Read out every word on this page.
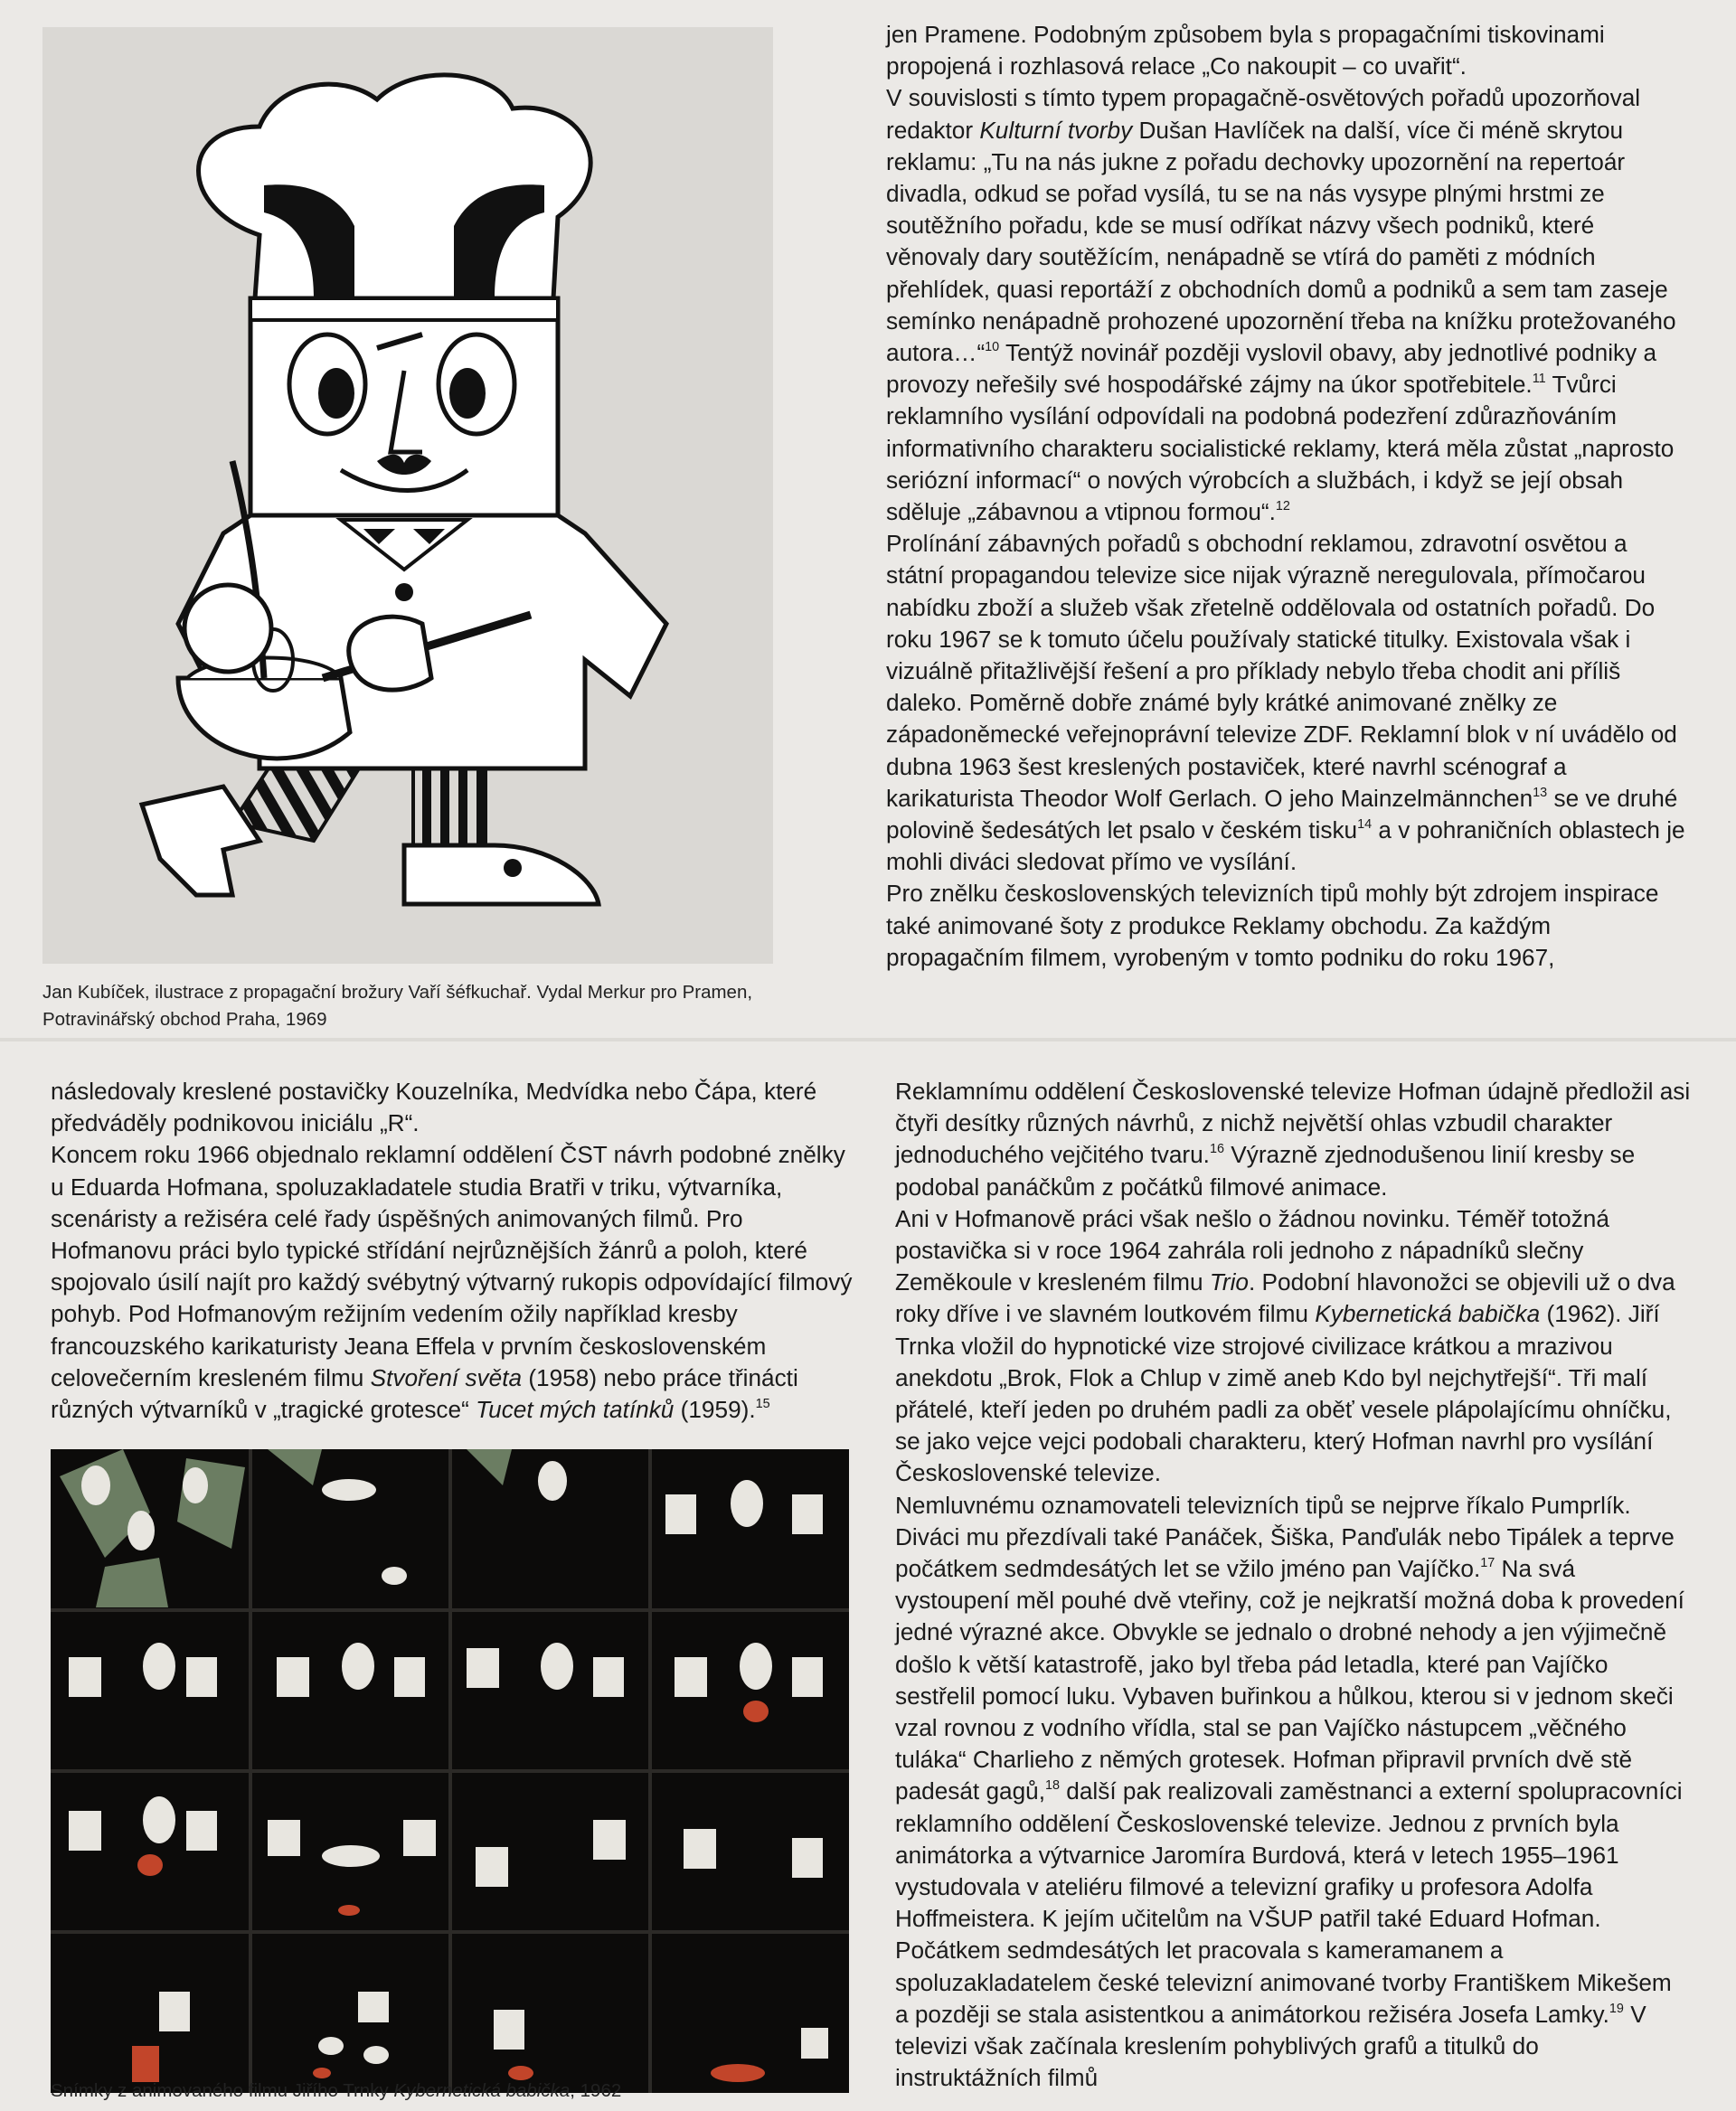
Jan Kubíček, ilustrace z propagační brožury Vaří šéfkuchař. Vydal Merkur pro Pramen, Potravinářský obchod Praha, 1969

jen Pramene. Podobným způsobem byla s propagačními tiskovinami propojená i rozhlasová relace „Co nakoupit – co uvařit“.

V souvislosti s tímto typem propagačně-osvětových pořadů upozorňoval redaktor Kulturní tvorby Dušan Havlíček na další, více či méně skrytou reklamu: „Tu na nás jukne z pořadu dechovky upozornění na repertoár divadla, odkud se pořad vysílá, tu se na nás vysype plnými hrstmi ze soutěžního pořadu, kde se musí odříkat názvy všech podniků, které věnovaly dary soutěžícím, nenápadně se vtírá do paměti z módních přehlídek, quasi reportáží z obchodních domů a podniků a sem tam zaseje semínko nenápadně prohozené upozornění třeba na knížku protežovaného autora…“$^{10}$ Tentýž novinář později vyslovil obavy, aby jednotlivé podniky a provozy neřešily své hospodářské zájmy na úkor spotřebitele.$^{11}$ Tvůrci reklamního vysílání odpovídali na podobná podezření zdůrazňováním informativního charakteru socialistické reklamy, která měla zůstat „naprosto seriózní informací“ o nových výrobcích a službách, i když se její obsah sděluje „zábavnou a vtipnou formou“.$^{12}$

Prolínání zábavných pořadů s obchodní reklamou, zdravotní osvětou a státní propagandou televize sice nijak výrazně neregulovala, přímočarou nabídku zboží a služeb však zřetelně oddělovala od ostatních pořadů. Do roku 1967 se k tomuto účelu používaly statické titulky. Existovala však i vizuálně přitažlivější řešení a pro příklady nebylo třeba chodit ani příliš daleko. Poměrně dobře známé byly krátké animované znělky ze západoněmecké veřejnoprávní televize ZDF. Reklamní blok v ní uvádělo od dubna 1963 šest kreslených postaviček, které navrhl scénograf a karikaturista Theodor Wolf Gerlach. O jeho Mainzelmännchen$^{13}$ se ve druhé polovině šedesátých let psalo v českém tisku$^{14}$ a v pohraničních oblastech je mohli diváci sledovat přímo ve vysílání.

Pro znělku československých televizních tipů mohly být zdrojem inspirace také animované šoty z produkce Reklamy obchodu. Za každým propagačním filmem, vyrobeným v tomto podniku do roku 1967,

následovaly kreslené postavičky Kouzelníka, Medvídka nebo Čápa, které předváděly podnikovou iniciálu „R“.

Koncem roku 1966 objednalo reklamní oddělení ČST návrh podobné znělky u Eduarda Hofmana, spoluzakladatele studia Bratři v triku, výtvarníka, scenáristy a režiséra celé řady úspěšných animovaných filmů. Pro Hofmanovu práci bylo typické střídání nejrůznějších žánrů a poloh, které spojovalo úsilí najít pro každý svébytný výtvarný rukopis odpovídající filmový pohyb. Pod Hofmanovým režijním vedením ožily například kresby francouzského karikaturisty Jeana Effela v prvním československém celovečerním kresleném filmu Stvoření světa (1958) nebo práce třinácti různých výtvarníků v „tragické grotesce“ Tucet mých tatínků (1959).$^{15}$

Snímky z animovaného filmu Jiřího Trnky Kybernetická babička, 1962

Reklamnímu oddělení Československé televize Hofman údajně předložil asi čtyři desítky různých návrhů, z nichž největší ohlas vzbudil charakter jednoduchého vejčitého tvaru.$^{16}$ Výrazně zjednodušenou linií kresby se podobal panáčkům z počátků filmové animace.

Ani v Hofmanově práci však nešlo o žádnou novinku. Téměř totožná postavička si v roce 1964 zahrála roli jednoho z nápadníků slečny Zeměkoule v kresleném filmu Trio. Podobní hlavonožci se objevili už o dva roky dříve i ve slavném loutkovém filmu Kybernetická babička (1962). Jiří Trnka vložil do hypnotické vize strojové civilizace krátkou a mrazivou anekdotu „Brok, Flok a Chlup v zimě aneb Kdo byl nejchytřejší“. Tři malí přátelé, kteří jeden po druhém padli za oběť vesele plápolajícímu ohníčku, se jako vejce vejci podobali charakteru, který Hofman navrhl pro vysílání Československé televize.

Nemluvnému oznamovateli televizních tipů se nejprve říkalo Pumprlík. Diváci mu přezdívali také Panáček, Šiška, Panďulák nebo Tipálek a teprve počátkem sedmdesátých let se vžilo jméno pan Vajíčko.$^{17}$ Na svá vystoupení měl pouhé dvě vteřiny, což je nejkratší možná doba k provedení jedné výrazné akce. Obvykle se jednalo o drobné nehody a jen výjimečně došlo k větší katastrofě, jako byl třeba pád letadla, které pan Vajíčko sestřelil pomocí luku. Vybaven buřinkou a hůlkou, kterou si v jednom skeči vzal rovnou z vodního vřídla, stal se pan Vajíčko nástupcem „věčného tuláka“ Charlieho z němých grotesek. Hofman připravil prvních dvě stě padesát gagů,$^{18}$ další pak realizovali zaměstnanci a externí spolupracovníci reklamního oddělení Československé televize. Jednou z prvních byla animátorka a výtvarnice Jaromíra Burdová, která v letech 1955–1961 vystudovala v ateliéru filmové a televizní grafiky u profesora Adolfa Hoffmeistera. K jejím učitelům na VŠUP patřil také Eduard Hofman. Počátkem sedmdesátých let pracovala s kameramanem a spoluzakladatelem české televizní animované tvorby Františkem Mikešem a později se stala asistentkou a animátorkou režiséra Josefa Lamky.$^{19}$ V televizi však začínala kreslením pohyblivých grafů a titulků do instruktážních filmů
